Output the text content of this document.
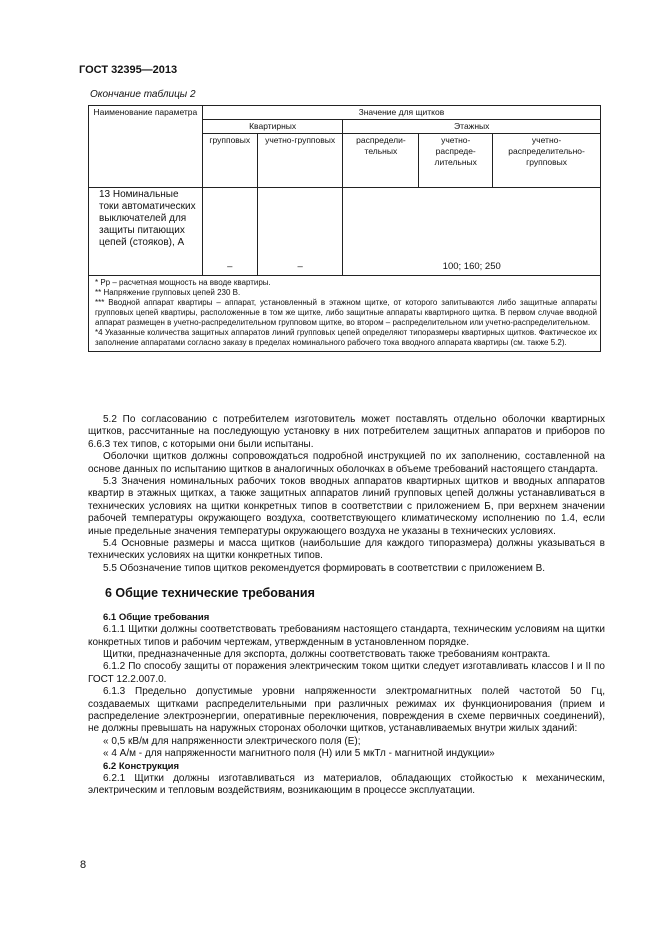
ГОСТ 32395—2013
Окончание таблицы 2
Наименование параметра	Значение для щитков				
	Квартирных		Этажных		
	групповых	учетно-групповых	распредели-тельных	учетно-распреде-лительных	учетно-распределительно-групповых
13 Номинальные токи автоматических выключателей для защиты питающих цепей (стояков), А	–	–	100; 160; 250		

* Рр – расчетная мощность на вводе квартиры.
** Напряжение групповых цепей 230 В.
*** Вводной аппарат квартиры – аппарат, установленный в этажном щитке, от которого запитываются либо защитные аппараты групповых цепей квартиры, расположенные в том же щитке, либо защитные аппараты квартирного щитка. В первом случае вводной аппарат размещен в учетно-распределительном групповом щитке, во втором – распределительном или учетно-распределительном.
*4 Указанные количества защитных аппаратов линий групповых цепей определяют типоразмеры квартирных щитков. Фактическое их заполнение аппаратами согласно заказу в пределах номинального рабочего тока вводного аппарата квартиры (см. также 5.2).					

5.2 По согласованию с потребителем изготовитель может поставлять отдельно оболочки квартирных щитков, рассчитанные на последующую установку в них потребителем защитных аппаратов и приборов по 6.6.3 тех типов, с которыми они были испытаны.

Оболочки щитков должны сопровождаться подробной инструкцией по их заполнению, составленной на основе данных по испытанию щитков в аналогичных оболочках в объеме требований настоящего стандарта.

5.3 Значения номинальных рабочих токов вводных аппаратов квартирных щитков и вводных аппаратов квартир в этажных щитках, а также защитных аппаратов линий групповых цепей должны устанавливаться в технических условиях на щитки конкретных типов в соответствии с приложением Б, при верхнем значении рабочей температуры окружающего воздуха, соответствующего климатическому исполнению по 1.4, если иные предельные значения температуры окружающего воздуха не указаны в технических условиях.

5.4 Основные размеры и масса щитков (наибольшие для каждого типоразмера) должны указываться в технических условиях на щитки конкретных типов.

5.5 Обозначение типов щитков рекомендуется формировать в соответствии с приложением В.

6 Общие технические требования

6.1 Общие требования

6.1.1 Щитки должны соответствовать требованиям настоящего стандарта, техническим условиям на щитки конкретных типов и рабочим чертежам, утвержденным в установленном порядке.

Щитки, предназначенные для экспорта, должны соответствовать также требованиям контракта.

6.1.2 По способу защиты от поражения электрическим током щитки следует изготавливать классов I и II по ГОСТ 12.2.007.0.

6.1.3 Предельно допустимые уровни напряженности электромагнитных полей частотой 50 Гц, создаваемых щитками распределительными при различных режимах их функционирования (прием и распределение электроэнергии, оперативные переключения, повреждения в схеме первичных соединений), не должны превышать на наружных сторонах оболочки щитков, устанавливаемых внутри жилых зданий:

« 0,5 кВ/м для напряженности электрического поля (Е);

« 4 А/м - для напряженности магнитного поля (Н) или 5 мкТл - магнитной индукции»

6.2 Конструкция

6.2.1 Щитки должны изготавливаться из материалов, обладающих стойкостью к механическим, электрическим и тепловым воздействиям, возникающим в процессе эксплуатации.

8
